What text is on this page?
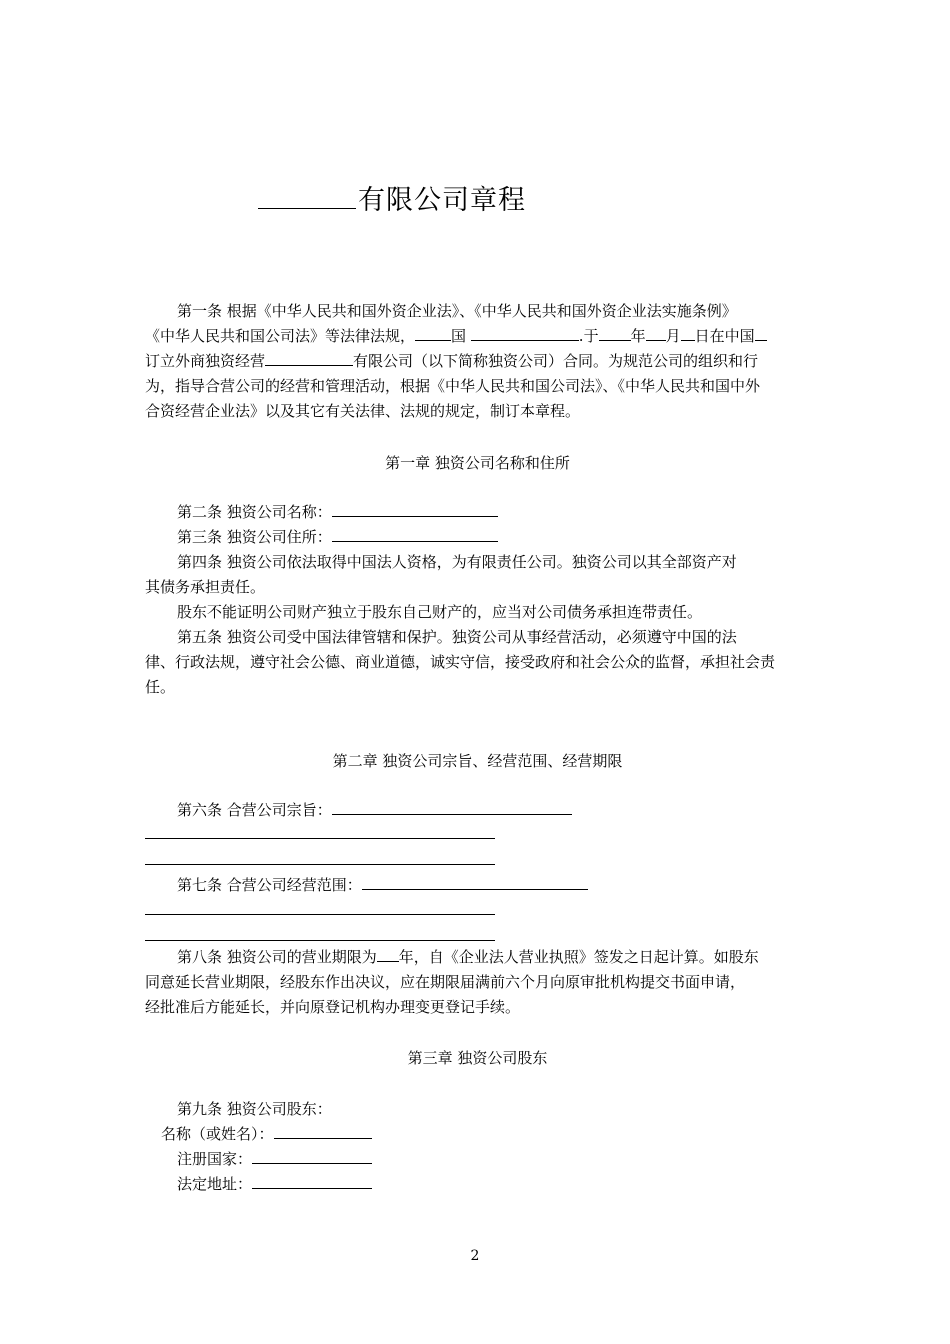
有限公司章程

第一条 根据《中华人民共和国外资企业法》、《中华人民共和国外资企业法实施条例》

《中华人民共和国公司法》等法律法规， 国	.于 年 月 日在中国

订立外商独资经营	有限公司（以下简称独资公司）合同。为规范公司的组织和行

为，指导合营公司的经营和管理活动，根据《中华人民共和国公司法》、《中华人民共和国中外

合资经营企业法》以及其它有关法律、法规的规定，制订本章程。

第一章 独资公司名称和住所

第二条 独资公司名称：

第三条 独资公司住所：

第四条 独资公司依法取得中国法人资格，为有限责任公司。独资公司以其全部资产对

其债务承担责任。

股东不能证明公司财产独立于股东自己财产的，应当对公司债务承担连带责任。

第五条 独资公司受中国法律管辖和保护。独资公司从事经营活动，必须遵守中国的法

律、行政法规，遵守社会公德、商业道德，诚实守信，接受政府和社会公众的监督，承担社会责

任。

第二章 独资公司宗旨、经营范围、经营期限

第六条 合营公司宗旨：

第七条 合营公司经营范围：

第八条 独资公司的营业期限为 年，自《企业法人营业执照》签发之日起计算。如股东

同意延长营业期限，经股东作出决议，应在期限届满前六个月向原审批机构提交书面申请，

经批准后方能延长，并向原登记机构办理变更登记手续。

第三章 独资公司股东

第九条 独资公司股东：

名称（或姓名）：

注册国家：

法定地址：

2
